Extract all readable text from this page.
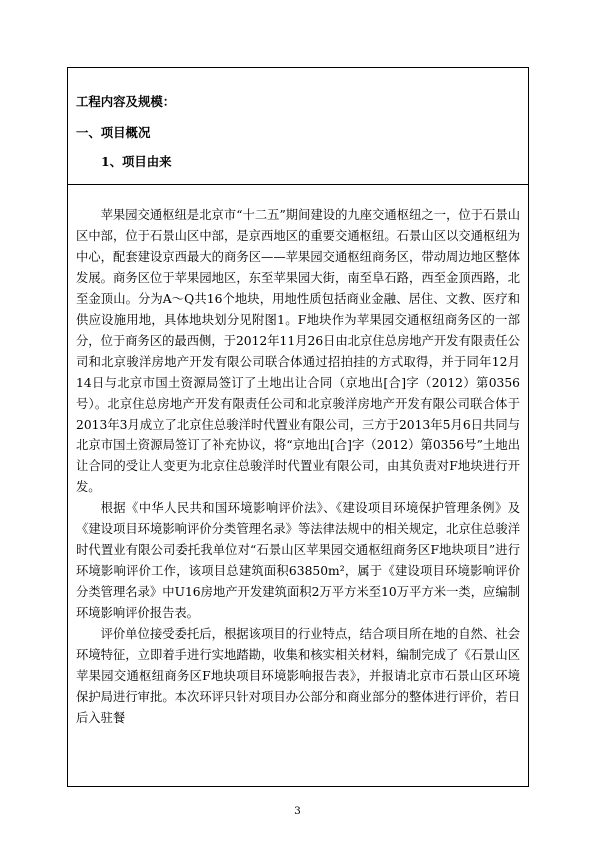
工程内容及规模：
一、项目概况
1、项目由来

苹果园交通枢纽是北京市“十二五”期间建设的九座交通枢纽之一，位于石景山区中部，位于石景山区中部，是京西地区的重要交通枢纽。石景山区以交通枢纽为中心，配套建设京西最大的商务区——苹果园交通枢纽商务区，带动周边地区整体发展。商务区位于苹果园地区，东至苹果园大街，南至阜石路，西至金顶西路，北至金顶山。分为A～Q共16个地块，用地性质包括商业金融、居住、文教、医疗和供应设施用地，具体地块划分见附图1。F地块作为苹果园交通枢纽商务区的一部分，位于商务区的最西侧，于2012年11月26日由北京住总房地产开发有限责任公司和北京骏洋房地产开发有限公司联合体通过招拍挂的方式取得，并于同年12月14日与北京市国土资源局签订了土地出让合同（京地出[合]字（2012）第0356号）。北京住总房地产开发有限责任公司和北京骏洋房地产开发有限公司联合体于2013年3月成立了北京住总骏洋时代置业有限公司，三方于2013年5月6日共同与北京市国土资源局签订了补充协议，将“京地出[合]字（2012）第0356号”土地出让合同的受让人变更为北京住总骏洋时代置业有限公司，由其负责对F地块进行开发。

根据《中华人民共和国环境影响评价法》、《建设项目环境保护管理条例》及《建设项目环境影响评价分类管理名录》等法律法规中的相关规定，北京住总骏洋时代置业有限公司委托我单位对“石景山区苹果园交通枢纽商务区F地块项目”进行环境影响评价工作，该项目总建筑面积63850m²，属于《建设项目环境影响评价分类管理名录》中U16房地产开发建筑面积2万平方米至10万平方米一类，应编制环境影响评价报告表。

评价单位接受委托后，根据该项目的行业特点，结合项目所在地的自然、社会环境特征，立即着手进行实地踏勘，收集和核实相关材料，编制完成了《石景山区苹果园交通枢纽商务区F地块项目环境影响报告表》，并报请北京市石景山区环境保护局进行审批。本次环评只针对项目办公部分和商业部分的整体进行评价，若日后入驻餐

3
